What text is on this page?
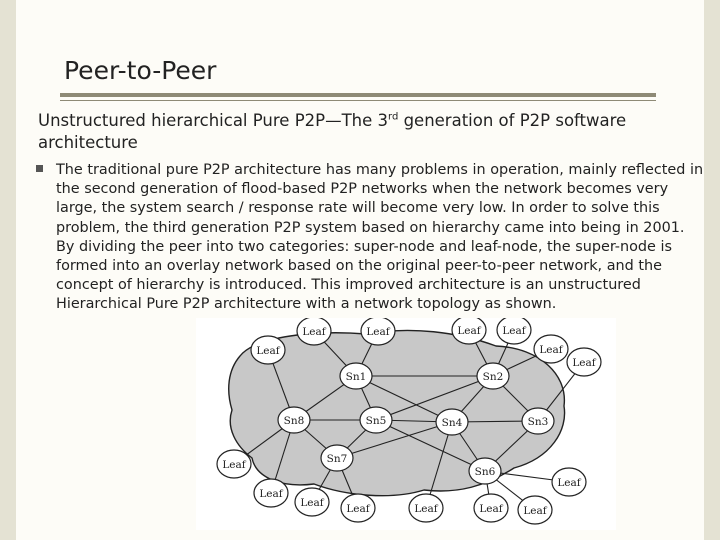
Peer-to-Peer
Unstructured hierarchical Pure P2P—The 3rd generation of P2P software architecture
The traditional pure P2P architecture has many problems in operation, mainly reflected in the second generation of flood-based P2P networks when the network becomes very large, the system search / response rate will become very low. In order to solve this problem, the third generation P2P system based on hierarchy came into being in 2001. By dividing the peer into two categories: super-node and leaf-node, the super-node is formed into an overlay network based on the original peer-to-peer network, and the concept of hierarchy is introduced. This improved architecture is an unstructured Hierarchical Pure P2P architecture with a network topology as shown.
Sn1	Sn2
Sn3
Sn4
Sn5
Sn6
Sn7
Sn8
Leaf	Leaf	Leaf Leaf
Leaf
Leaf
Leaf
Leaf
Leaf
Leaf Leaf	Leaf	Leaf Leaf
Leaf
